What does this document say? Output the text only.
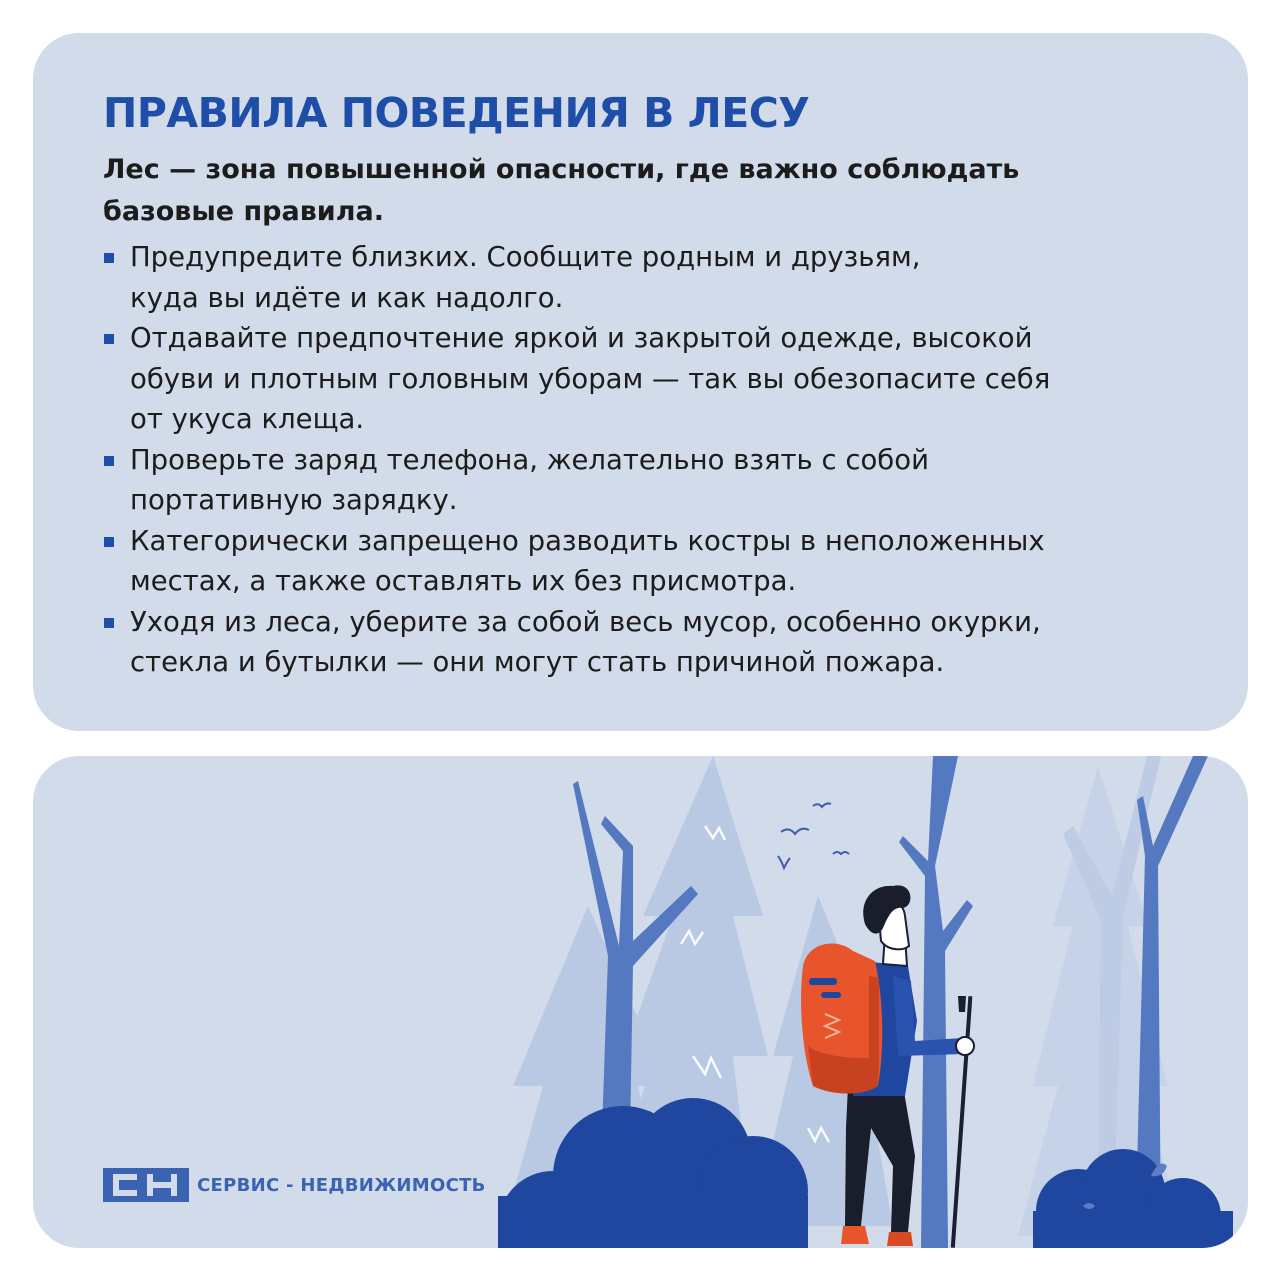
ПРАВИЛА ПОВЕДЕНИЯ В ЛЕСУ

Лес — зона повышенной опасности, где важно соблюдать базовые правила.

Предупредите близких. Сообщите родным и друзьям,
куда вы идёте и как надолго.
Отдавайте предпочтение яркой и закрытой одежде, высокой
обуви и плотным головным уборам — так вы обезопасите себя
от укуса клеща.
Проверьте заряд телефона, желательно взять с собой
портативную зарядку.
Категорически запрещено разводить костры в неположенных
местах, а также оставлять их без присмотра.
Уходя из леса, уберите за собой весь мусор, особенно окурки,
стекла и бутылки — они могут стать причиной пожара.
СЕРВИС - НЕДВИЖИМОСТЬ
